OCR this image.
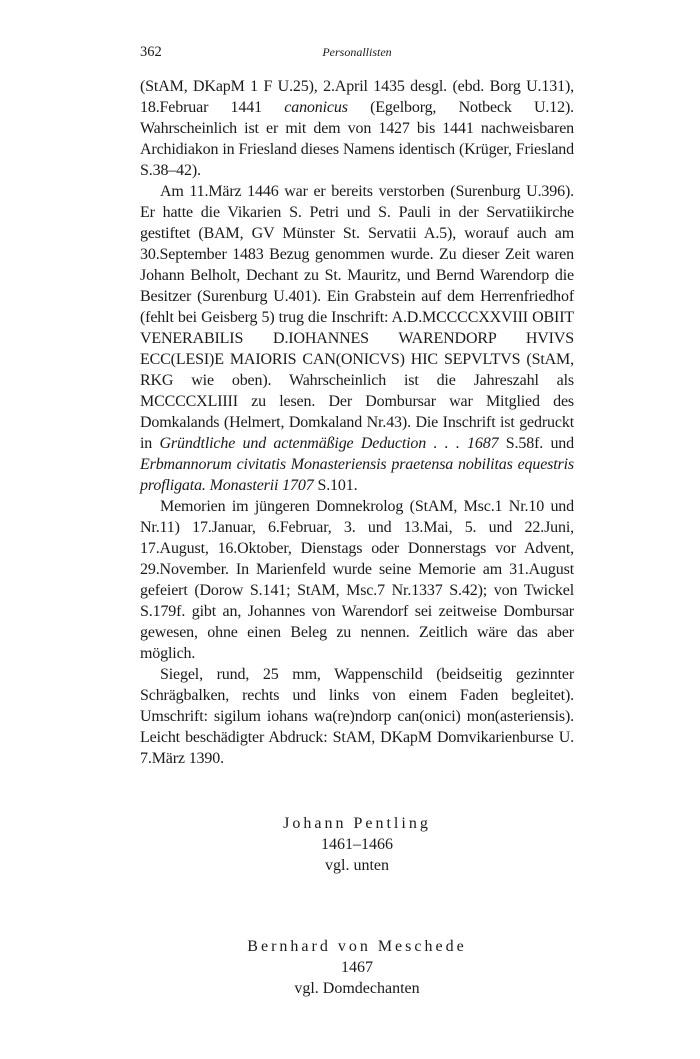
362	Personallisten

(StAM, DKapM 1 F U.25), 2.April 1435 desgl. (ebd. Borg U.131), 18.Februar 1441 canonicus (Egelborg, Notbeck U.12). Wahrscheinlich ist er mit dem von 1427 bis 1441 nachweisbaren Archidiakon in Friesland dieses Namens identisch (Krüger, Friesland S.38–42).

Am 11.März 1446 war er bereits verstorben (Surenburg U.396). Er hatte die Vikarien S. Petri und S. Pauli in der Servatiikirche gestiftet (BAM, GV Münster St. Servatii A.5), worauf auch am 30.September 1483 Bezug genommen wurde. Zu dieser Zeit waren Johann Belholt, Dechant zu St. Mauritz, und Bernd Warendorp die Besitzer (Surenburg U.401). Ein Grabstein auf dem Herrenfriedhof (fehlt bei Geisberg 5) trug die Inschrift: A.D.MCCCCXXVIII OBIIT VENERABILIS D.IOHANNES WARENDORP HVIVS ECC(LESI)E MAIORIS CAN(ONICVS) HIC SEPVLTVS (StAM, RKG wie oben). Wahrscheinlich ist die Jahreszahl als MCCCCXLIIII zu lesen. Der Dombursar war Mitglied des Domkalands (Helmert, Domkaland Nr.43). Die Inschrift ist gedruckt in Gründtliche und actenmäßige Deduction . . . 1687 S.58f. und Erbmannorum civitatis Monasteriensis praetensa nobilitas equestris profligata. Monasterii 1707 S.101.

Memorien im jüngeren Domnekrolog (StAM, Msc.1 Nr.10 und Nr.11) 17.Januar, 6.Februar, 3. und 13.Mai, 5. und 22.Juni, 17.August, 16.Oktober, Dienstags oder Donnerstags vor Advent, 29.November. In Marienfeld wurde seine Memorie am 31.August gefeiert (Dorow S.141; StAM, Msc.7 Nr.1337 S.42); von Twickel S.179f. gibt an, Johannes von Warendorf sei zeitweise Dombursar gewesen, ohne einen Beleg zu nennen. Zeitlich wäre das aber möglich.

Siegel, rund, 25 mm, Wappenschild (beidseitig gezinnter Schrägbalken, rechts und links von einem Faden begleitet). Umschrift: sigilum iohans wa(re)ndorp can(onici) mon(asteriensis). Leicht beschädigter Abdruck: StAM, DKapM Domvikarienburse U. 7.März 1390.

Johann Pentling
1461–1466
vgl. unten
Bernhard von Meschede
1467
vgl. Domdechanten
